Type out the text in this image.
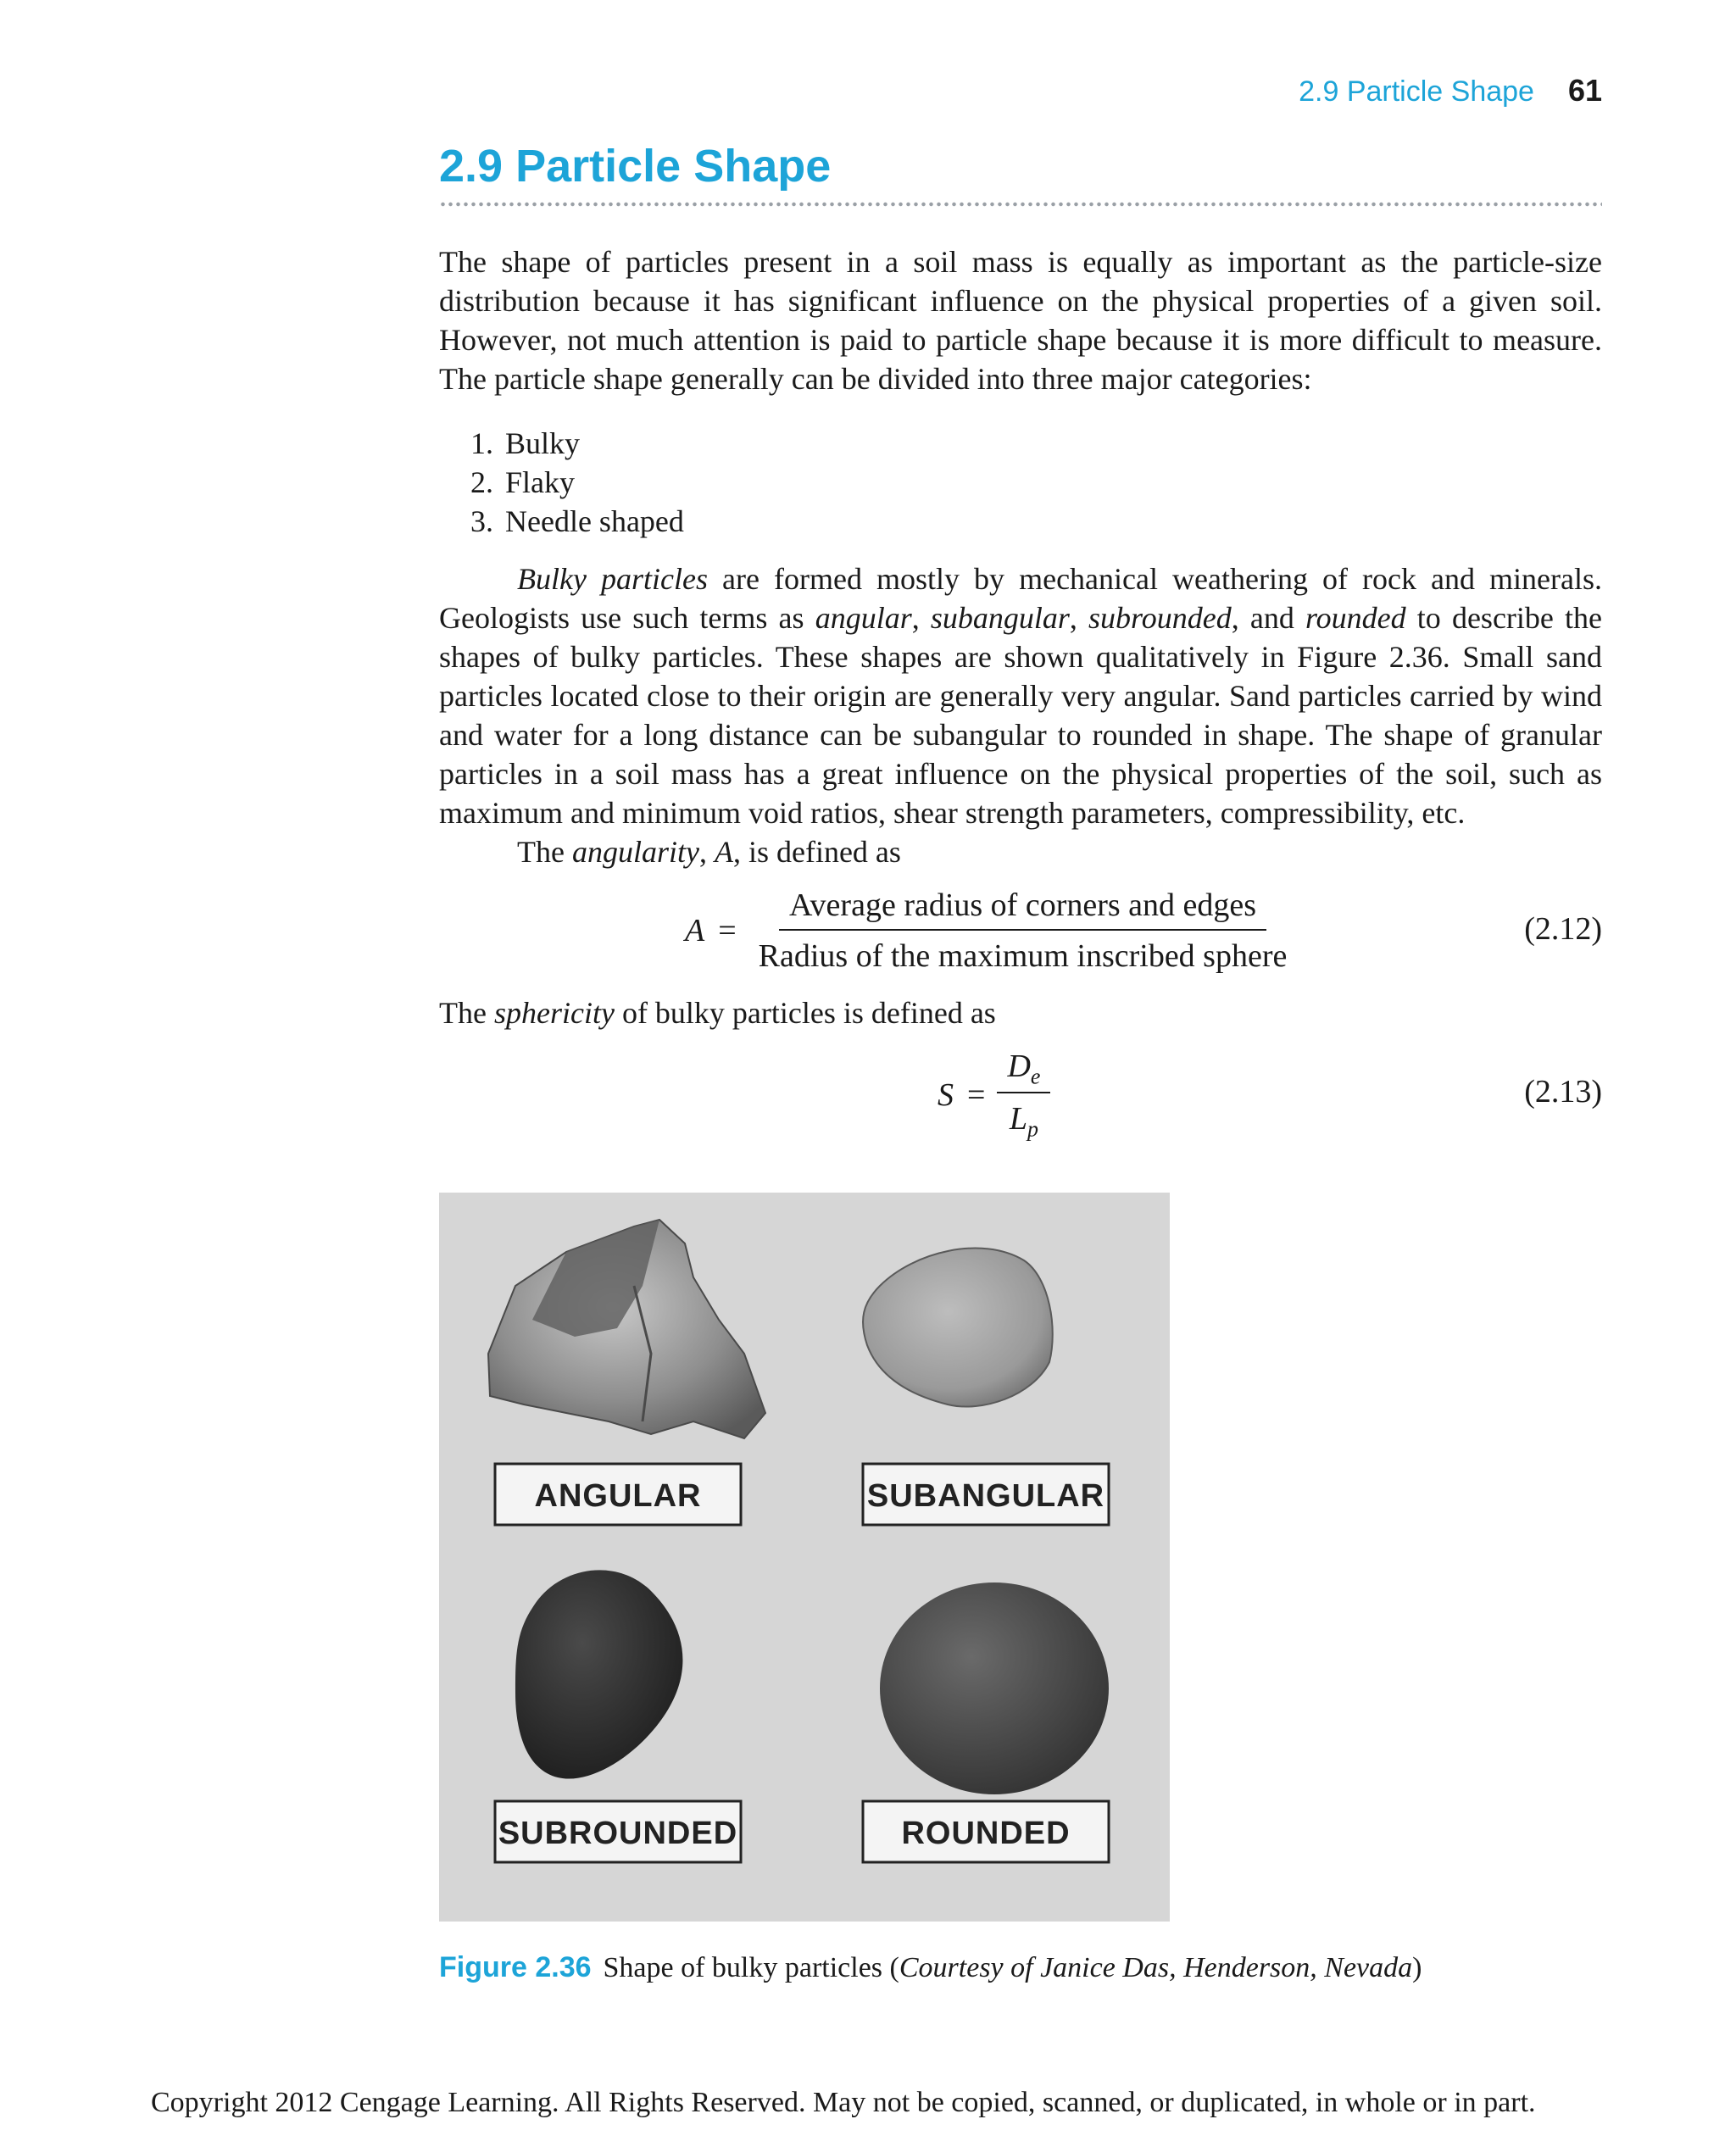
2.9 Particle Shape 61
2.9 Particle Shape

The shape of particles present in a soil mass is equally as important as the particle-size distribution because it has significant influence on the physical properties of a given soil. However, not much attention is paid to particle shape because it is more difficult to measure. The particle shape generally can be divided into three major categories:

1. Bulky
2. Flaky
3. Needle shaped

Bulky particles are formed mostly by mechanical weathering of rock and minerals. Geologists use such terms as angular, subangular, subrounded, and rounded to describe the shapes of bulky particles. These shapes are shown qualitatively in Figure 2.36. Small sand particles located close to their origin are generally very angular. Sand particles carried by wind and water for a long distance can be subangular to rounded in shape. The shape of granular particles in a soil mass has a great influence on the physical properties of the soil, such as maximum and minimum void ratios, shear strength parameters, compressibility, etc.

The angularity, A, is defined as

$A = \frac{\text{Average radius of corners and edges}}{\text{Radius of the maximum inscribed sphere}}$	(2.12)

The sphericity of bulky particles is defined as

$S = \frac{D_e}{L_p}$	(2.13)
ANGULAR	SUBANGULAR
SUBROUNDED	ROUNDED
Figure 2.36 Shape of bulky particles (Courtesy of Janice Das, Henderson, Nevada)
Copyright 2012 Cengage Learning. All Rights Reserved. May not be copied, scanned, or duplicated, in whole or in part.
